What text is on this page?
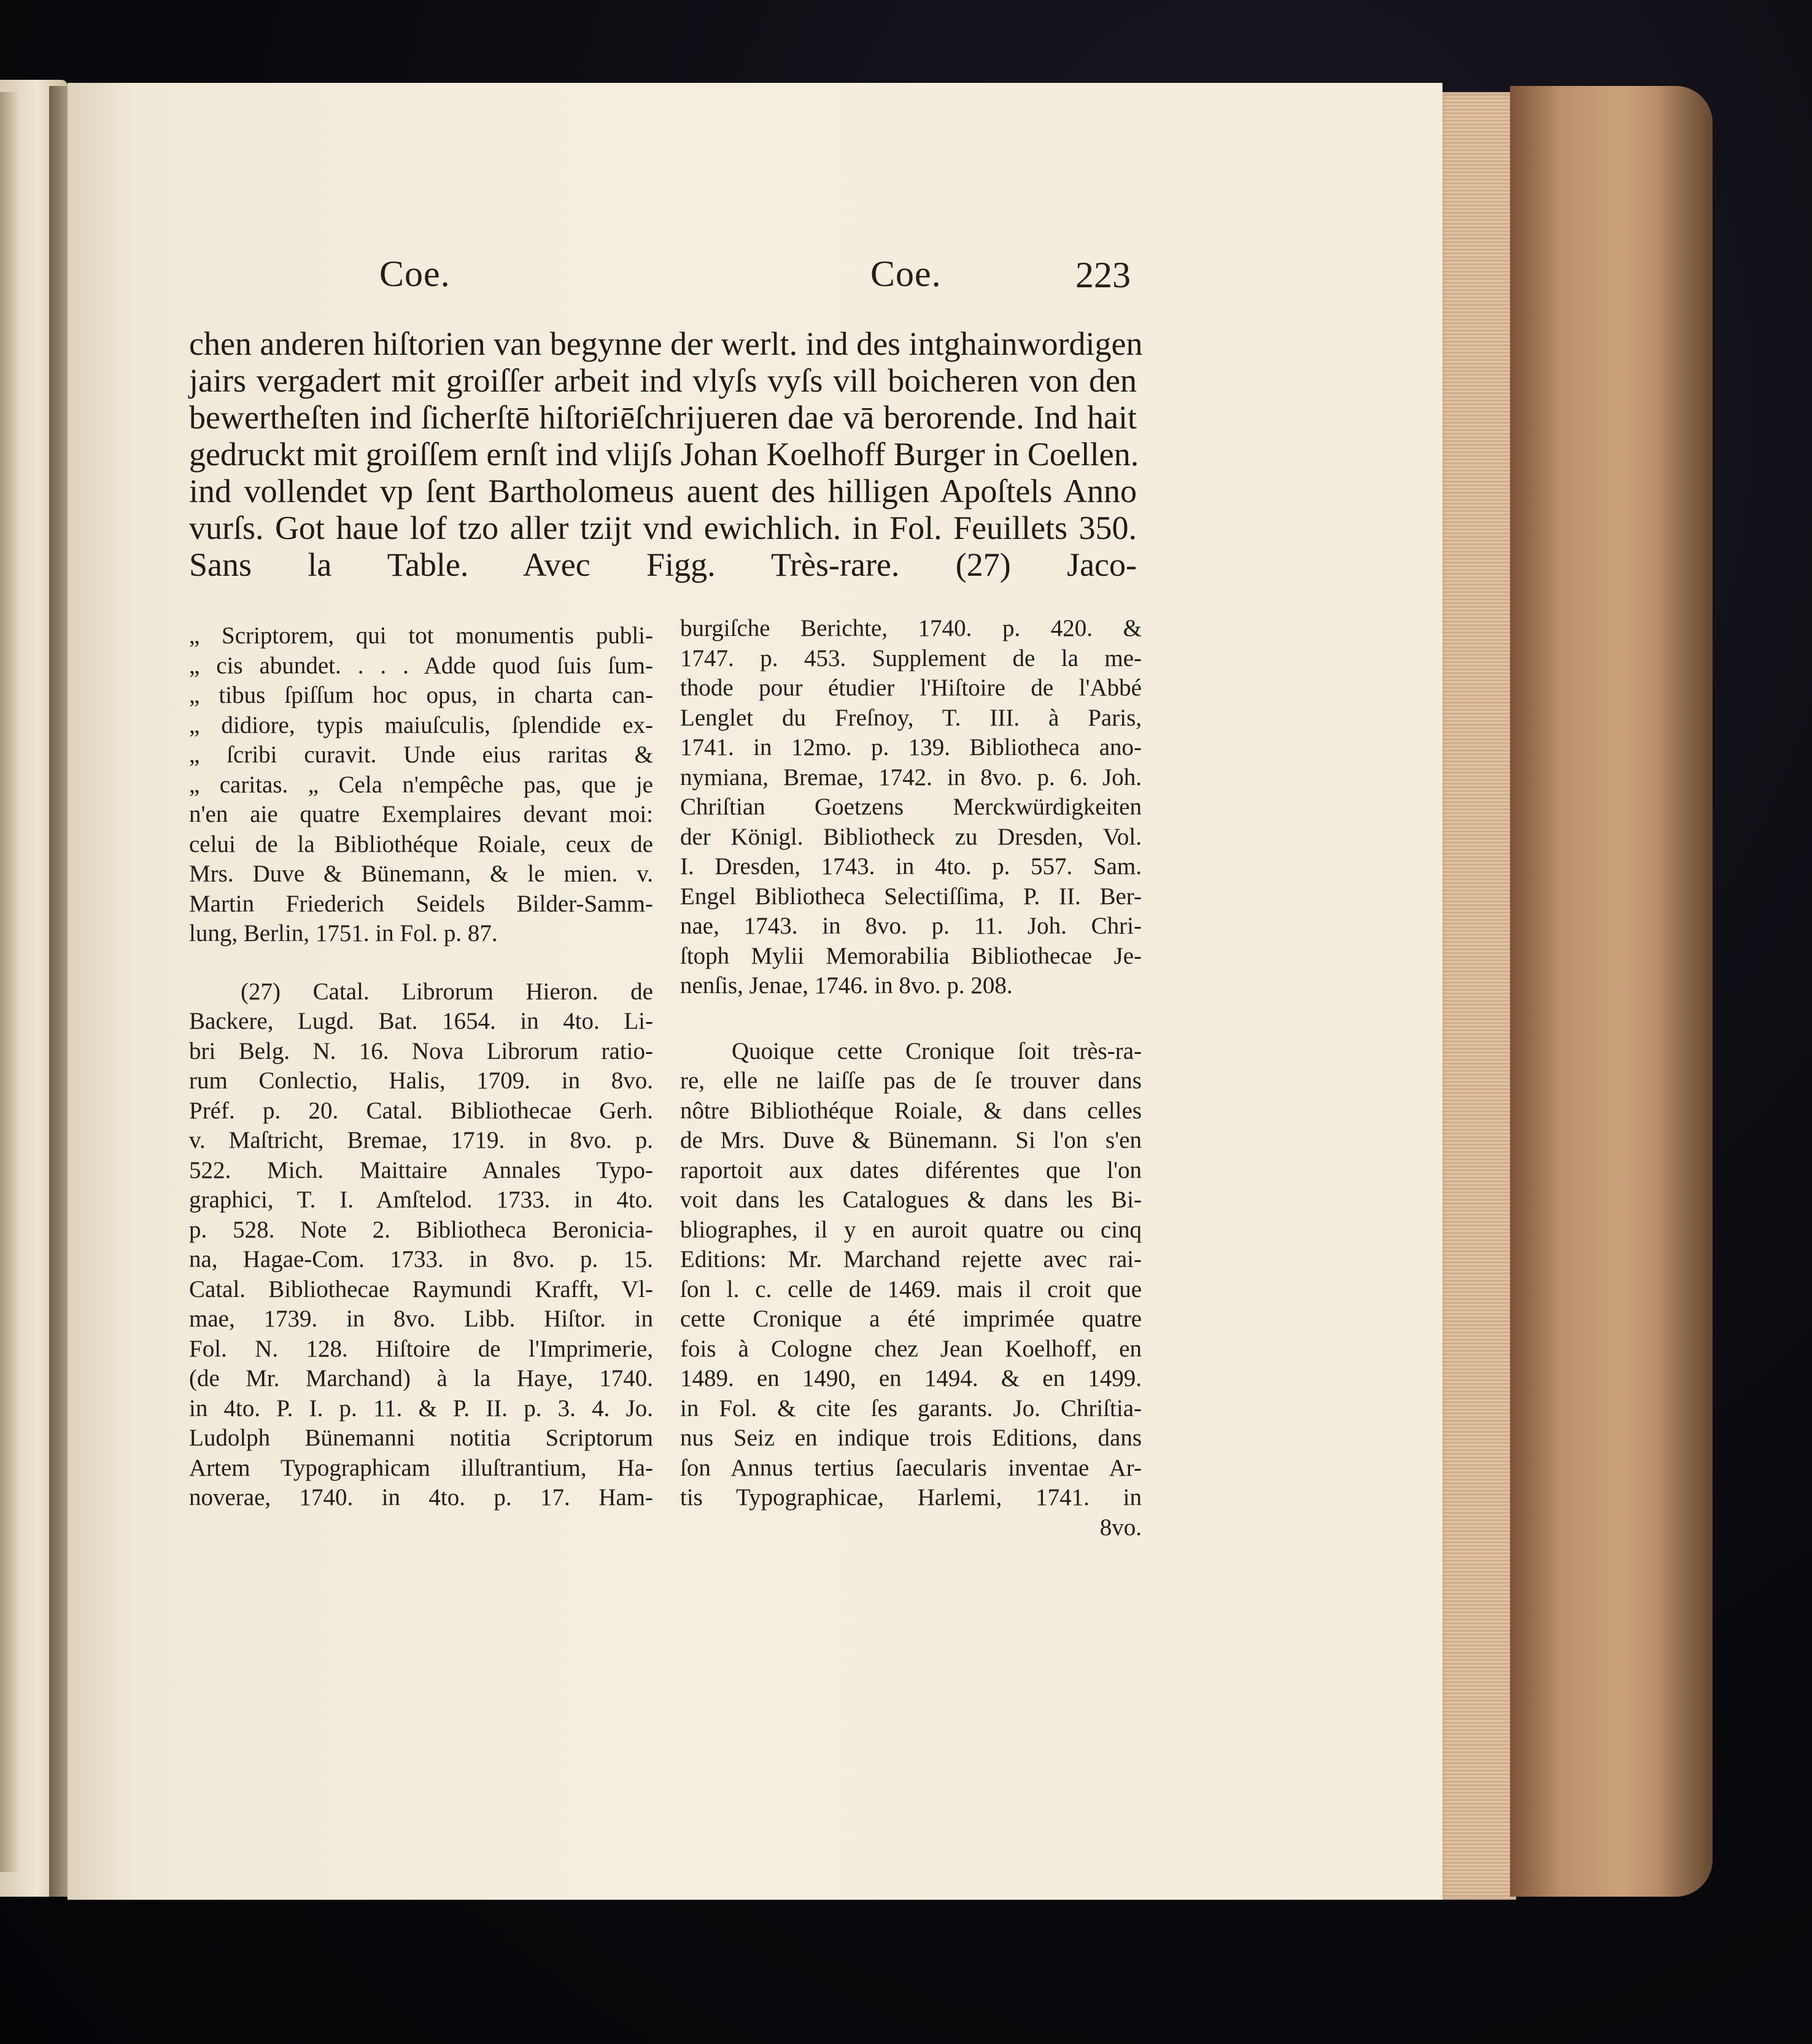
Coe.	Coe.	223
chen anderen hiſtorien van begynne der werlt. ind des intghainwordigen
jairs vergadert mit groiſſer arbeit ind vlyſs vyſs vill boicheren von den
bewertheſten ind ſicherſtē hiſtoriēſchrijueren dae vā berorende. Ind hait
gedruckt mit groiſſem ernſt ind vlijſs Johan Koelhoff Burger in Coellen.
ind vollendet vp ſent Bartholomeus auent des hilligen Apoſtels Anno
vurſs. Got haue lof tzo aller tzijt vnd ewichlich. in Fol. Feuillets 350.
Sans la Table. Avec Figg. Très-rare. (27) Jaco-
„ Scriptorem, qui tot monumentis publi-
„ cis abundet. . . . Adde quod ſuis ſum-
„ tibus ſpiſſum hoc opus, in charta can-
„ didiore, typis maiuſculis, ſplendide ex-
„ ſcribi curavit. Unde eius raritas &
„ caritas. „ Cela n'empêche pas, que je
n'en aie quatre Exemplaires devant moi:
celui de la Bibliothéque Roiale, ceux de
Mrs. Duve & Bünemann, & le mien. v.
Martin Friederich Seidels Bilder-Samm-
lung, Berlin, 1751. in Fol. p. 87.
(27) Catal. Librorum Hieron. de
Backere, Lugd. Bat. 1654. in 4to. Li-
bri Belg. N. 16. Nova Librorum ratio-
rum Conlectio, Halis, 1709. in 8vo.
Préf. p. 20. Catal. Bibliothecae Gerh.
v. Maſtricht, Bremae, 1719. in 8vo. p.
522. Mich. Maittaire Annales Typo-
graphici, T. I. Amſtelod. 1733. in 4to.
p. 528. Note 2. Bibliotheca Beronicia-
na, Hagae-Com. 1733. in 8vo. p. 15.
Catal. Bibliothecae Raymundi Krafft, Vl-
mae, 1739. in 8vo. Libb. Hiſtor. in
Fol. N. 128. Hiſtoire de l'Imprimerie,
(de Mr. Marchand) à la Haye, 1740.
in 4to. P. I. p. 11. & P. II. p. 3. 4. Jo.
Ludolph Bünemanni notitia Scriptorum
Artem Typographicam illuſtrantium, Ha-
noverae, 1740. in 4to. p. 17. Ham-
burgiſche Berichte, 1740. p. 420. &
1747. p. 453. Supplement de la me-
thode pour étudier l'Hiſtoire de l'Abbé
Lenglet du Freſnoy, T. III. à Paris,
1741. in 12mo. p. 139. Bibliotheca ano-
nymiana, Bremae, 1742. in 8vo. p. 6. Joh.
Chriſtian Goetzens Merckwürdigkeiten
der Königl. Bibliotheck zu Dresden, Vol.
I. Dresden, 1743. in 4to. p. 557. Sam.
Engel Bibliotheca Selectiſſima, P. II. Ber-
nae, 1743. in 8vo. p. 11. Joh. Chri-
ſtoph Mylii Memorabilia Bibliothecae Je-
nenſis, Jenae, 1746. in 8vo. p. 208.
Quoique cette Cronique ſoit très-ra-
re, elle ne laiſſe pas de ſe trouver dans
nôtre Bibliothéque Roiale, & dans celles
de Mrs. Duve & Bünemann. Si l'on s'en
raportoit aux dates diférentes que l'on
voit dans les Catalogues & dans les Bi-
bliographes, il y en auroit quatre ou cinq
Editions: Mr. Marchand rejette avec rai-
ſon l. c. celle de 1469. mais il croit que
cette Cronique a été imprimée quatre
fois à Cologne chez Jean Koelhoff, en
1489. en 1490, en 1494. & en 1499.
in Fol. & cite ſes garants. Jo. Chriſtia-
nus Seiz en indique trois Editions, dans
ſon Annus tertius ſaecularis inventae Ar-
tis Typographicae, Harlemi, 1741. in
8vo.
